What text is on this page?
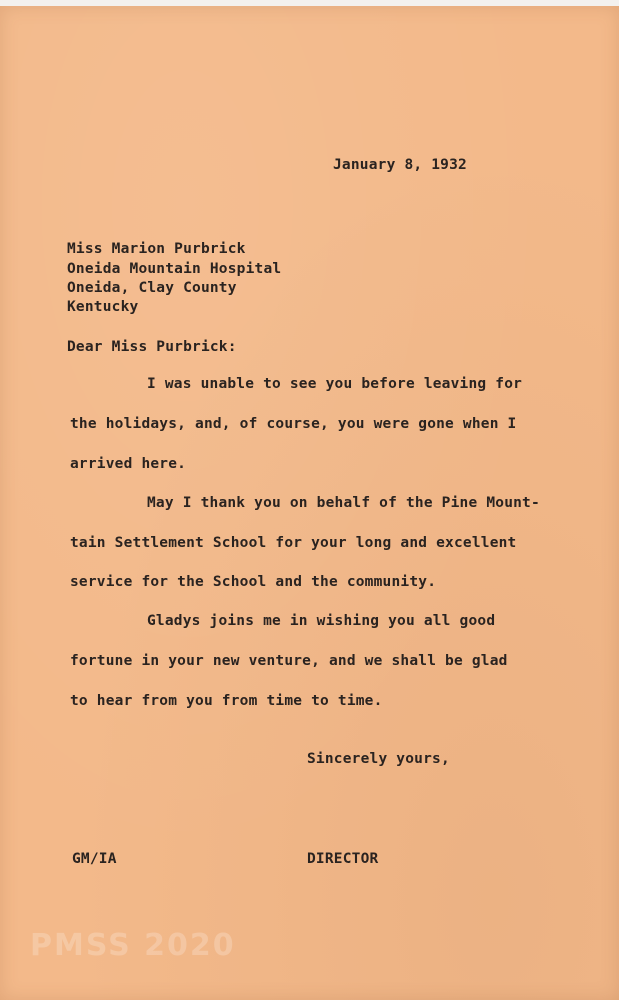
January 8, 1932
Miss Marion Purbrick
Oneida Mountain Hospital
Oneida, Clay County
Kentucky
Dear Miss Purbrick:
I was unable to see you before leaving for
the holidays, and, of course, you were gone when I
arrived here.
May I thank you on behalf of the Pine Mount-
tain Settlement School for your long and excellent
service for the School and the community.
Gladys joins me in wishing you all good
fortune in your new venture, and we shall be glad
to hear from you from time to time.
Sincerely yours,
GM/IA	DIRECTOR
PMSS 2020
